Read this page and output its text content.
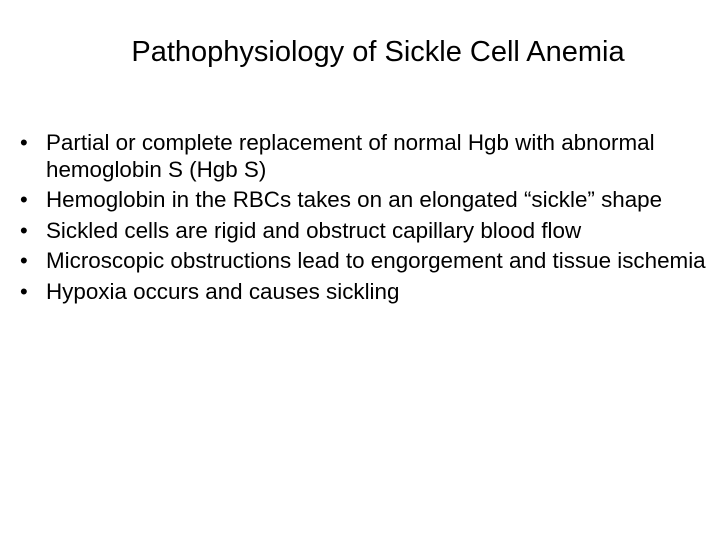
Pathophysiology of Sickle Cell Anemia
• Partial or complete replacement of normal Hgb with abnormal hemoglobin S (Hgb S)
• Hemoglobin in the RBCs takes on an elongated “sickle” shape
• Sickled cells are rigid and obstruct capillary blood flow
• Microscopic obstructions lead to engorgement and tissue ischemia
• Hypoxia occurs and causes sickling
